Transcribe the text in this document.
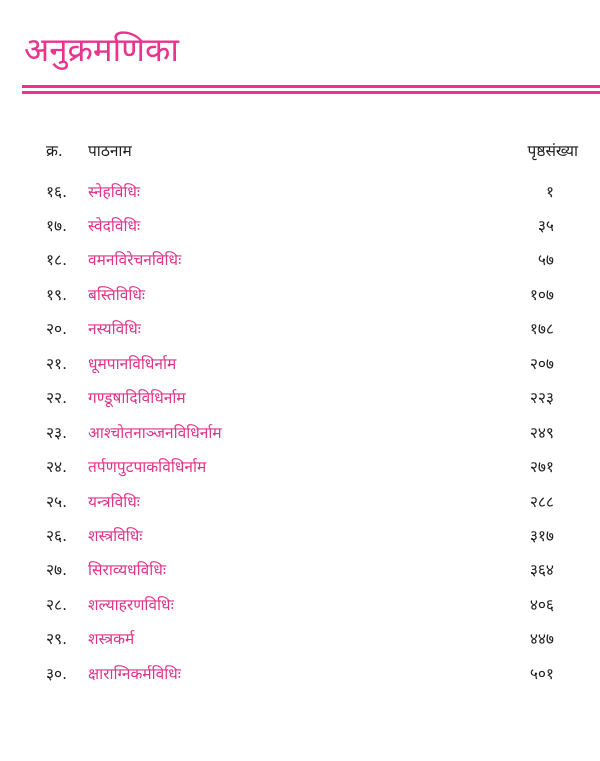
अनुक्रमणिका
क्र. पाठनाम	पृष्ठसंख्या
१६. स्नेहविधिः	१
१७. स्वेदविधिः	३५
१८. वमनविरेचनविधिः	५७
१९. बस्तिविधिः	१०७
२०. नस्यविधिः	१७८
२१. धूमपानविधिर्नाम	२०७
२२. गण्डूषादिविधिर्नाम	२२३
२३. आश्चोतनाञ्जनविधिर्नाम	२४९
२४. तर्पणपुटपाकविधिर्नाम	२७१
२५. यन्त्रविधिः	२८८
२६. शस्त्रविधिः	३१७
२७. सिराव्यधविधिः	३६४
२८. शल्याहरणविधिः	४०६
२९. शस्त्रकर्म	४४७
३०. क्षाराग्निकर्मविधिः	५०१
